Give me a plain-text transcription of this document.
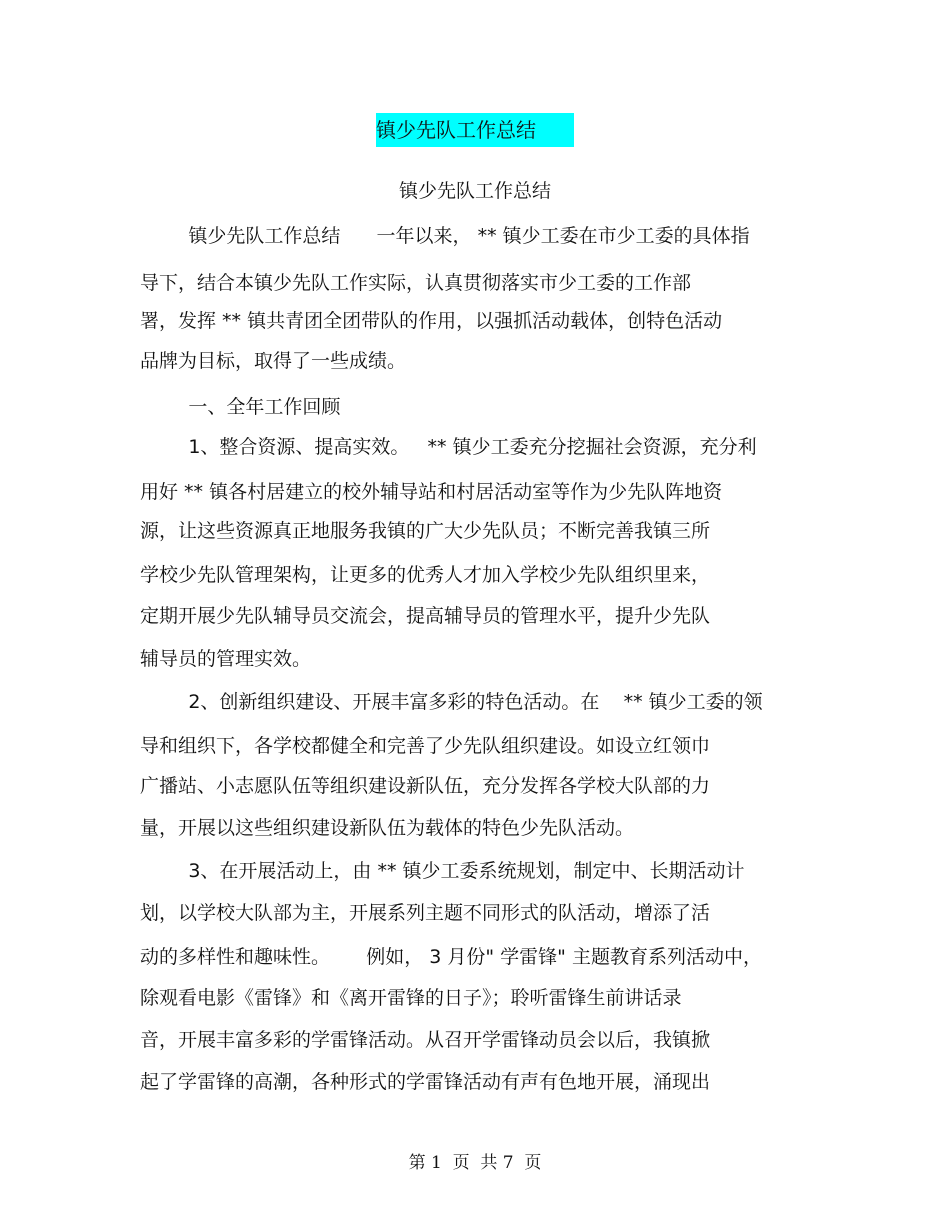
镇少先队工作总结
镇少先队工作总结
镇少先队工作总结      一年以来， ** 镇少工委在市少工委的具体指
导下，结合本镇少先队工作实际，认真贯彻落实市少工委的工作部
署，发挥 ** 镇共青团全团带队的作用，以强抓活动载体，创特色活动
品牌为目标，取得了一些成绩。
一、全年工作回顾
1、整合资源、提高实效。   ** 镇少工委充分挖掘社会资源，充分利
用好 ** 镇各村居建立的校外辅导站和村居活动室等作为少先队阵地资
源，让这些资源真正地服务我镇的广大少先队员；不断完善我镇三所
学校少先队管理架构，让更多的优秀人才加入学校少先队组织里来，
定期开展少先队辅导员交流会，提高辅导员的管理水平，提升少先队
辅导员的管理实效。
2、创新组织建设、开展丰富多彩的特色活动。在    ** 镇少工委的领
导和组织下，各学校都健全和完善了少先队组织建设。如设立红领巾
广播站、小志愿队伍等组织建设新队伍，充分发挥各学校大队部的力
量，开展以这些组织建设新队伍为载体的特色少先队活动。
3、在开展活动上，由 ** 镇少工委系统规划，制定中、长期活动计
划，以学校大队部为主，开展系列主题不同形式的队活动，增添了活
动的多样性和趣味性。      例如， 3 月份" 学雷锋" 主题教育系列活动中，
除观看电影《雷锋》和《离开雷锋的日子》；聆听雷锋生前讲话录
音，开展丰富多彩的学雷锋活动。从召开学雷锋动员会以后，我镇掀
起了学雷锋的高潮，各种形式的学雷锋活动有声有色地开展，涌现出
第 1  页  共 7  页
